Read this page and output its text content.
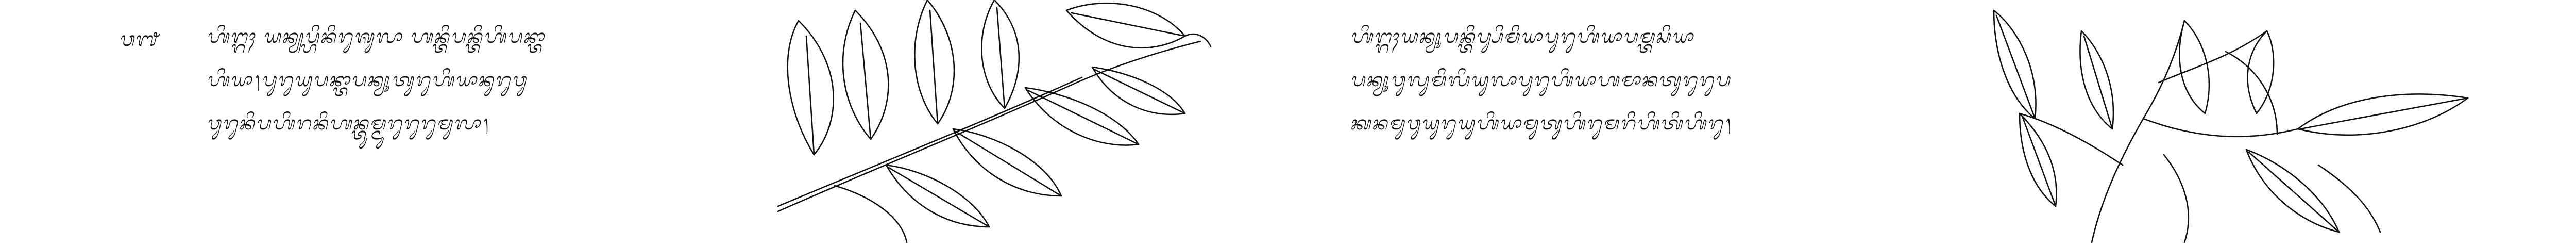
ᬯ᭑	ᬳᬶᬗ᭄ᬕᬄ ᬬᬦ᭄ᬬᬧ᭄ᬳᬶᬦᬶᬭᬸᬰᬸᬮᬵ ᬳᬦ᭄ᬢᬶᬧᬦ᭄ᬢᬶᬳᬶᬧᬦ᭄ᬢᬵ
ᬳᬶᬬᬵ᭞ᬧᬸᬭᬸᬬᬸᬧᬦ᭄ᬢᬵᬧᬦ᭄ᬬᬸᬢᬸᬭᬸᬳᬶᬬᬵᬦᬸᬭᬸᬯᬸ
ᬯᬸᬭᬸᬦᬶᬧᬳᬶᬭᬦᬶᬳᬦ᭄ᬢᬸᬫ᭄ᬫᬸᬭᬸᬭᬸᬭᬸᬫᬸᬮᬵ᭞
ᬳᬶᬗ᭄ᬕᬄᬬᬦ᭄ᬬᬸᬧᬦ᭄ᬢᬶᬧ᭄ᬲᬶᬫᬶᬬᬵᬧᬸᬭᬸᬳᬶᬬᬵᬧᬫ᭄ᬢᬲᬶᬬᬵ
ᬧᬦ᭄ᬬᬸᬯᬸᬮᬸᬫᬶᬮᬶᬬᬸᬮᬵᬧᬸᬭᬸᬳᬶᬬᬵᬳᬫᬵᬦᬢᬸᬭᬸᬭᬸᬧ
ᬓᬦᬫᬸᬯᬸᬬᬸᬭᬸᬬᬸᬳᬶᬬᬵᬫᬸᬢᬸᬳᬶᬭᬸᬫᬭᬶᬳᬶᬢᬶᬳᬶᬭᬸ᭞
